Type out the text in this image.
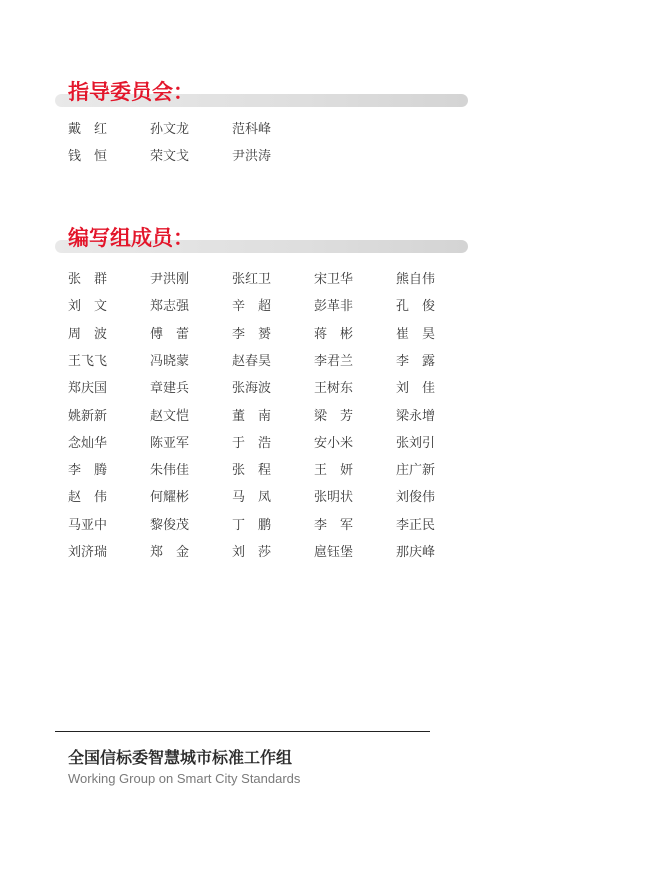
指导委员会：
戴　红	孙文龙	范科峰
钱　恒	荣文戈	尹洪涛
编写组成员：
张　群	尹洪刚	张红卫	宋卫华	熊自伟
刘　文	郑志强	辛　超	彭革非	孔　俊
周　波	傅　蕾	李　赟	蒋　彬	崔　昊
王飞飞	冯晓蒙	赵春昊	李君兰	李　露
郑庆国	章建兵	张海波	王树东	刘　佳
姚新新	赵文恺	董　南	梁　芳	梁永增
念灿华	陈亚军	于　浩	安小米	张刘引
李　腾	朱伟佳	张　程	王　妍	庄广新
赵　伟	何耀彬	马　凤	张明状	刘俊伟
马亚中	黎俊茂	丁　鹏	李　军	李正民
刘济瑞	郑　金	刘　莎	扈钰堡	那庆峰
全国信标委智慧城市标准工作组
Working Group on Smart City Standards
